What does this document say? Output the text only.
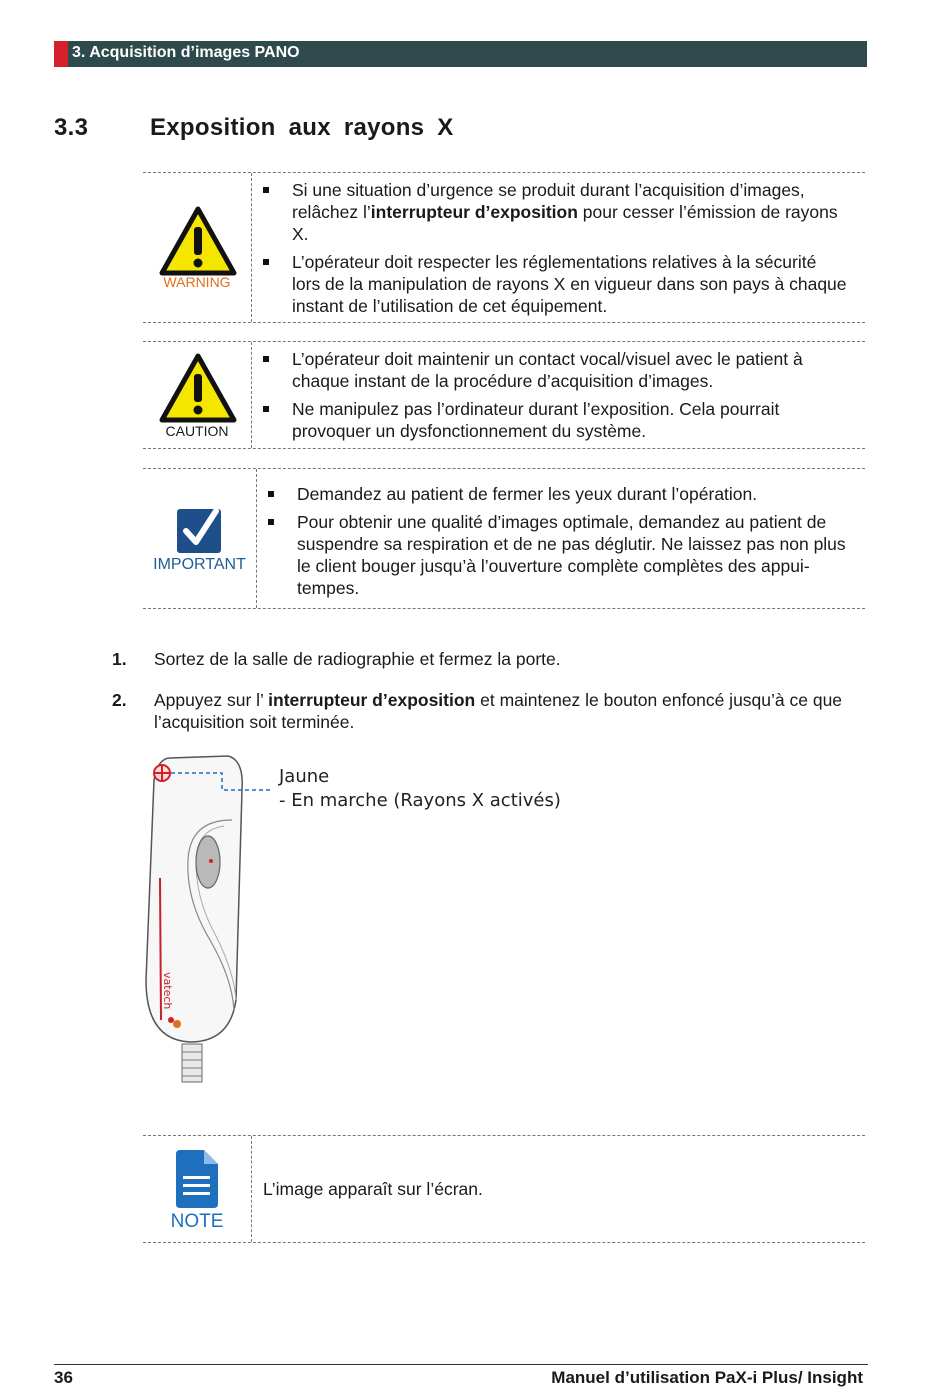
3. Acquisition d’images PANO
3.3	Exposition aux rayons X
WARNING
Si une situation d’urgence se produit durant l’acquisition d’images, relâchez l’interrupteur d’exposition pour cesser l’émission de rayons X.
L’opérateur doit respecter les réglementations relatives à la sécurité lors de la manipulation de rayons X en vigueur dans son pays à chaque instant de l’utilisation de cet équipement.
CAUTION
L’opérateur doit maintenir un contact vocal/visuel avec le patient à chaque instant de la procédure d’acquisition d’images.
Ne manipulez pas l’ordinateur durant l’exposition. Cela pourrait provoquer un dysfonctionnement du système.
IMPORTANT
Demandez au patient de fermer les yeux durant l’opération.
Pour obtenir une qualité d’images optimale, demandez au patient de suspendre sa respiration et de ne pas déglutir. Ne laissez pas non plus le client bouger jusqu’à l’ouverture complète complètes des appui-tempes.
1. Sortez de la salle de radiographie et fermez la porte.
2. Appuyez sur l’ interrupteur d’exposition et maintenez le bouton enfoncé jusqu’à ce que l’acquisition soit terminée.
vatech
Jaune
- En marche (Rayons X activés)
NOTE
L’image apparaît sur l’écran.
36	Manuel d’utilisation PaX-i Plus/ Insight
